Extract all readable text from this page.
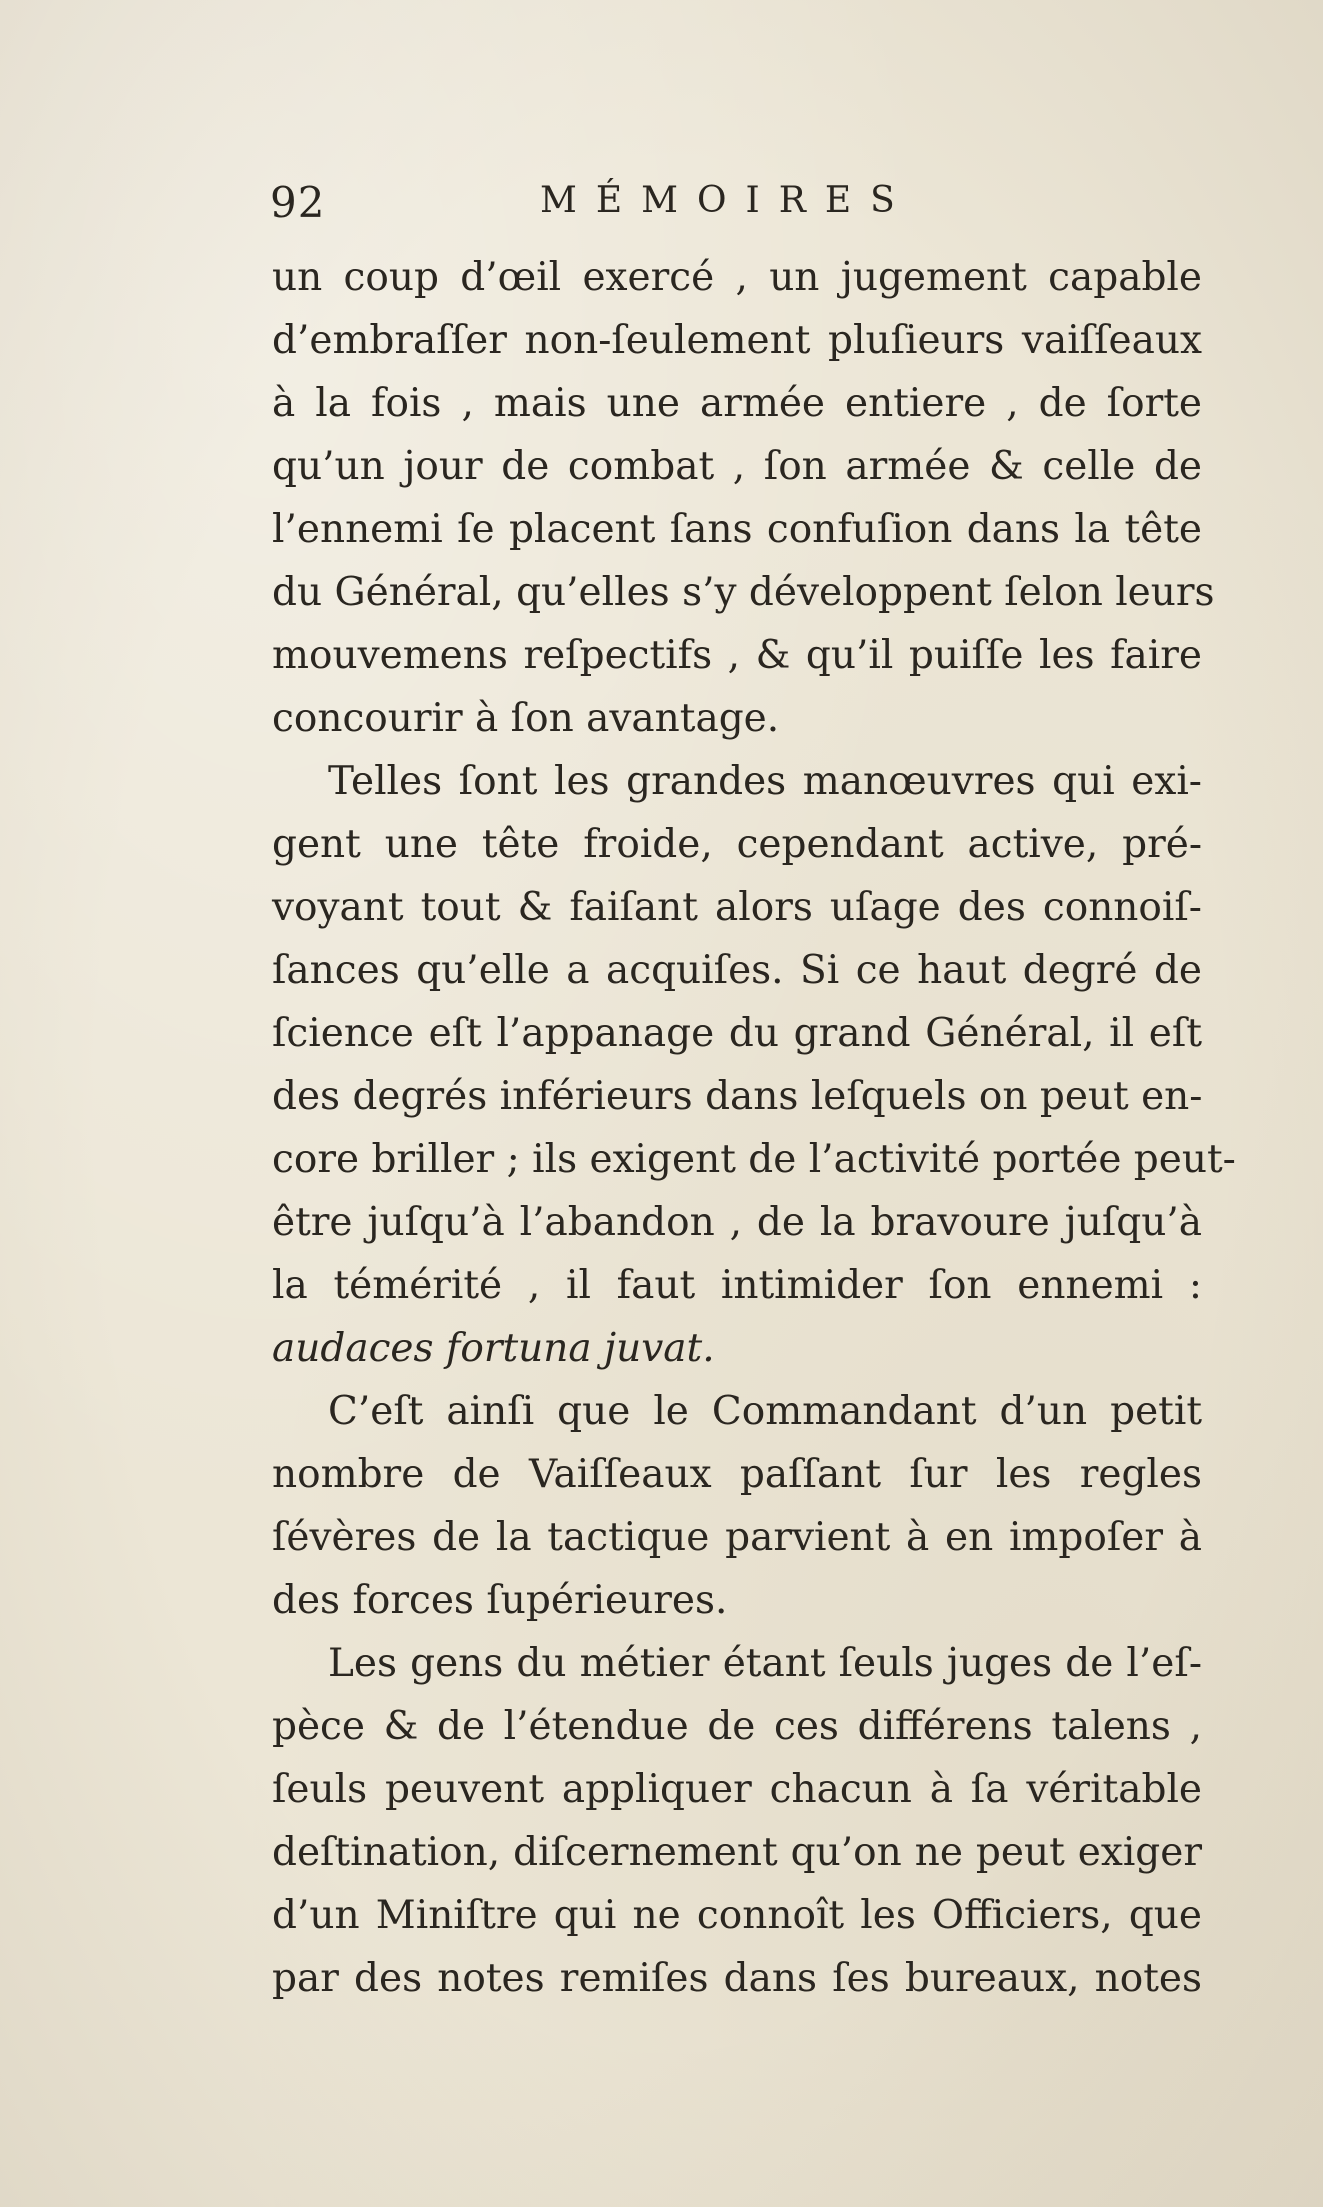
92	MÉMOIRES
un coup d’œil exercé , un jugement capable
d’embraſſer non-ſeulement pluſieurs vaiſſeaux
à la fois , mais une armée entiere , de ſorte
qu’un jour de combat , ſon armée & celle de
l’ennemi ſe placent ſans confuſion dans la tête
du Général, qu’elles s’y développent ſelon leurs
mouvemens reſpectifs , & qu’il puiſſe les faire
concourir à ſon avantage.
Telles ſont les grandes manœuvres qui exi-
gent une tête froide, cependant active, pré-
voyant tout & faiſant alors uſage des connoiſ-
ſances qu’elle a acquiſes. Si ce haut degré de
ſcience eſt l’appanage du grand Général, il eſt
des degrés inférieurs dans leſquels on peut en-
core briller ; ils exigent de l’activité portée peut-
être juſqu’à l’abandon , de la bravoure juſqu’à
la témérité , il faut intimider ſon ennemi :
audaces fortuna juvat.
C’eſt ainſi que le Commandant d’un petit
nombre de Vaiſſeaux paſſant ſur les regles
ſévères de la tactique parvient à en impoſer à
des forces ſupérieures.
Les gens du métier étant ſeuls juges de l’eſ-
pèce & de l’étendue de ces différens talens ,
ſeuls peuvent appliquer chacun à ſa véritable
deſtination, diſcernement qu’on ne peut exiger
d’un Miniſtre qui ne connoît les Officiers, que
par des notes remiſes dans ſes bureaux, notes
